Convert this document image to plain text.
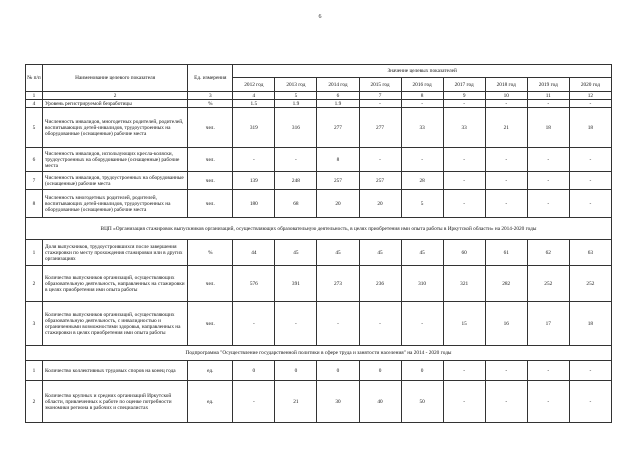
6
№ п/п	Наименование целевого показателя	Ед. измерения	Значение целевых показателей								
			2012 год	2013 год	2014 год	2015 год	2016 год	2017 год	2018 год	2019 год	2020 год
1	2	3	4	5	6	7	8	9	10	11	12
4	Уровень регистрируемой безработицы	%	1.5	1.9	1.9	-	-	-	-	-	-
5	Численность инвалидов, многодетных родителей, родителей, воспитывающих детей-инвалидов, трудоустроенных на оборудованные (оснащенные) рабочие места	чел.	319	316	277	277	33	33	21	18	18
6	Численность инвалидов, использующих кресла-коляски, трудоустроенных на оборудованные (оснащенные) рабочие места	чел.	-	-	8	-	-	-	-	-	-
7	Численность инвалидов, трудоустроенных на оборудованные (оснащенные) рабочие места	чел.	139	248	257	257	28	-	-	-	-
8	Численность многодетных родителей, родителей, воспитывающих детей-инвалидов, трудоустроенных на оборудованные (оснащенные) рабочие места	чел.	180	68	20	20	5	-	-	-	-
ВЦП «Организация стажировок выпускников организаций, осуществляющих образовательную деятельность, в целях приобретения ими опыта работы в Иркутской области» на 2014-2020 годы											
1	Доля выпускников, трудоустроившихся после завершения стажировки по месту прохождения стажировки или в других организациях	%	44	45	45	45	45	60	61	62	63
2	Количество выпускников организаций, осуществляющих образовательную деятельность, направленных на стажировки в целях приобретения ими опыта работы	чел.	576	391	273	236	310	321	282	252	252
3	Количество выпускников организаций, осуществляющих образовательную деятельность, с инвалидностью и ограниченными возможностями здоровья, направленных на стажировки в целях приобретения ими опыта работы	чел.	-	-	-	-	-	15	16	17	18
Подпрограмма "Осуществление государственной политики в сфере труда и занятости населения" на 2014 - 2020 годы											
1	Количество коллективных трудовых споров на конец года	ед.	0	0	0	0	0	-	-	-	-
2	Количество крупных и средних организаций Иркутской области, привлеченных к работе по оценке потребности экономики региона в рабочих и специалистах	ед.	-	21	30	40	50	-	-	-	-
